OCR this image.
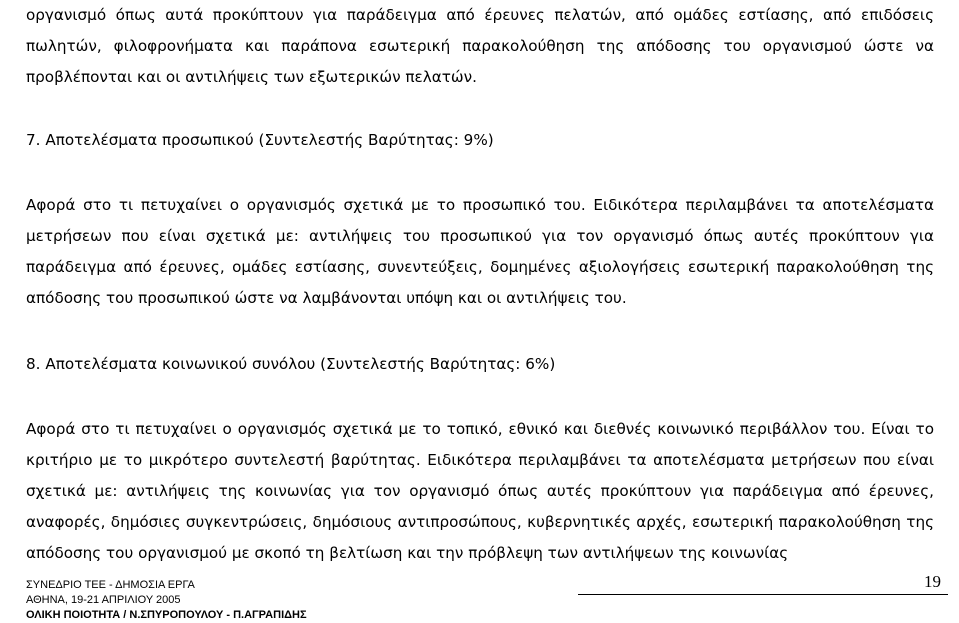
οργανισμό όπως αυτά προκύπτουν για παράδειγμα από έρευνες πελατών, από ομάδες εστίασης, από επιδόσεις πωλητών, φιλοφρονήματα και παράπονα εσωτερική παρακολούθηση της απόδοσης του οργανισμού ώστε να προβλέπονται και οι αντιλήψεις των εξωτερικών πελατών.

7. Αποτελέσματα προσωπικού (Συντελεστής Βαρύτητας: 9%)

Αφορά στο τι πετυχαίνει ο οργανισμός σχετικά με το προσωπικό του. Ειδικότερα περιλαμβάνει τα αποτελέσματα μετρήσεων που είναι σχετικά με: αντιλήψεις του προσωπικού για τον οργανισμό όπως αυτές προκύπτουν για παράδειγμα από έρευνες, ομάδες εστίασης, συνεντεύξεις, δομημένες αξιολογήσεις εσωτερική παρακολούθηση της απόδοσης του προσωπικού ώστε να λαμβάνονται υπόψη και οι αντιλήψεις του.

8. Αποτελέσματα κοινωνικού συνόλου (Συντελεστής Βαρύτητας: 6%)

Αφορά στο τι πετυχαίνει ο οργανισμός σχετικά με το τοπικό, εθνικό και διεθνές κοινωνικό περιβάλλον του. Είναι το κριτήριο με το μικρότερο συντελεστή βαρύτητας. Ειδικότερα περιλαμβάνει τα αποτελέσματα μετρήσεων που είναι σχετικά με: αντιλήψεις της κοινωνίας για τον οργανισμό όπως αυτές προκύπτουν για παράδειγμα από έρευνες, αναφορές, δημόσιες συγκεντρώσεις, δημόσιους αντιπροσώπους, κυβερνητικές αρχές, εσωτερική παρακολούθηση της απόδοσης του οργανισμού με σκοπό τη βελτίωση και την πρόβλεψη των αντιλήψεων της κοινωνίας

ΣΥΝΕΔΡΙΟ ΤΕΕ - ΔΗΜΟΣΙΑ ΕΡΓΑ
ΑΘΗΝΑ, 19-21 ΑΠΡΙΛΙΟΥ 2005
ΟΛΙΚΗ ΠΟΙΟΤΗΤΑ / Ν.ΣΠΥΡΟΠΟΥΛΟΥ - Π.ΑΓΡΑΠΙΔΗΣ
19
